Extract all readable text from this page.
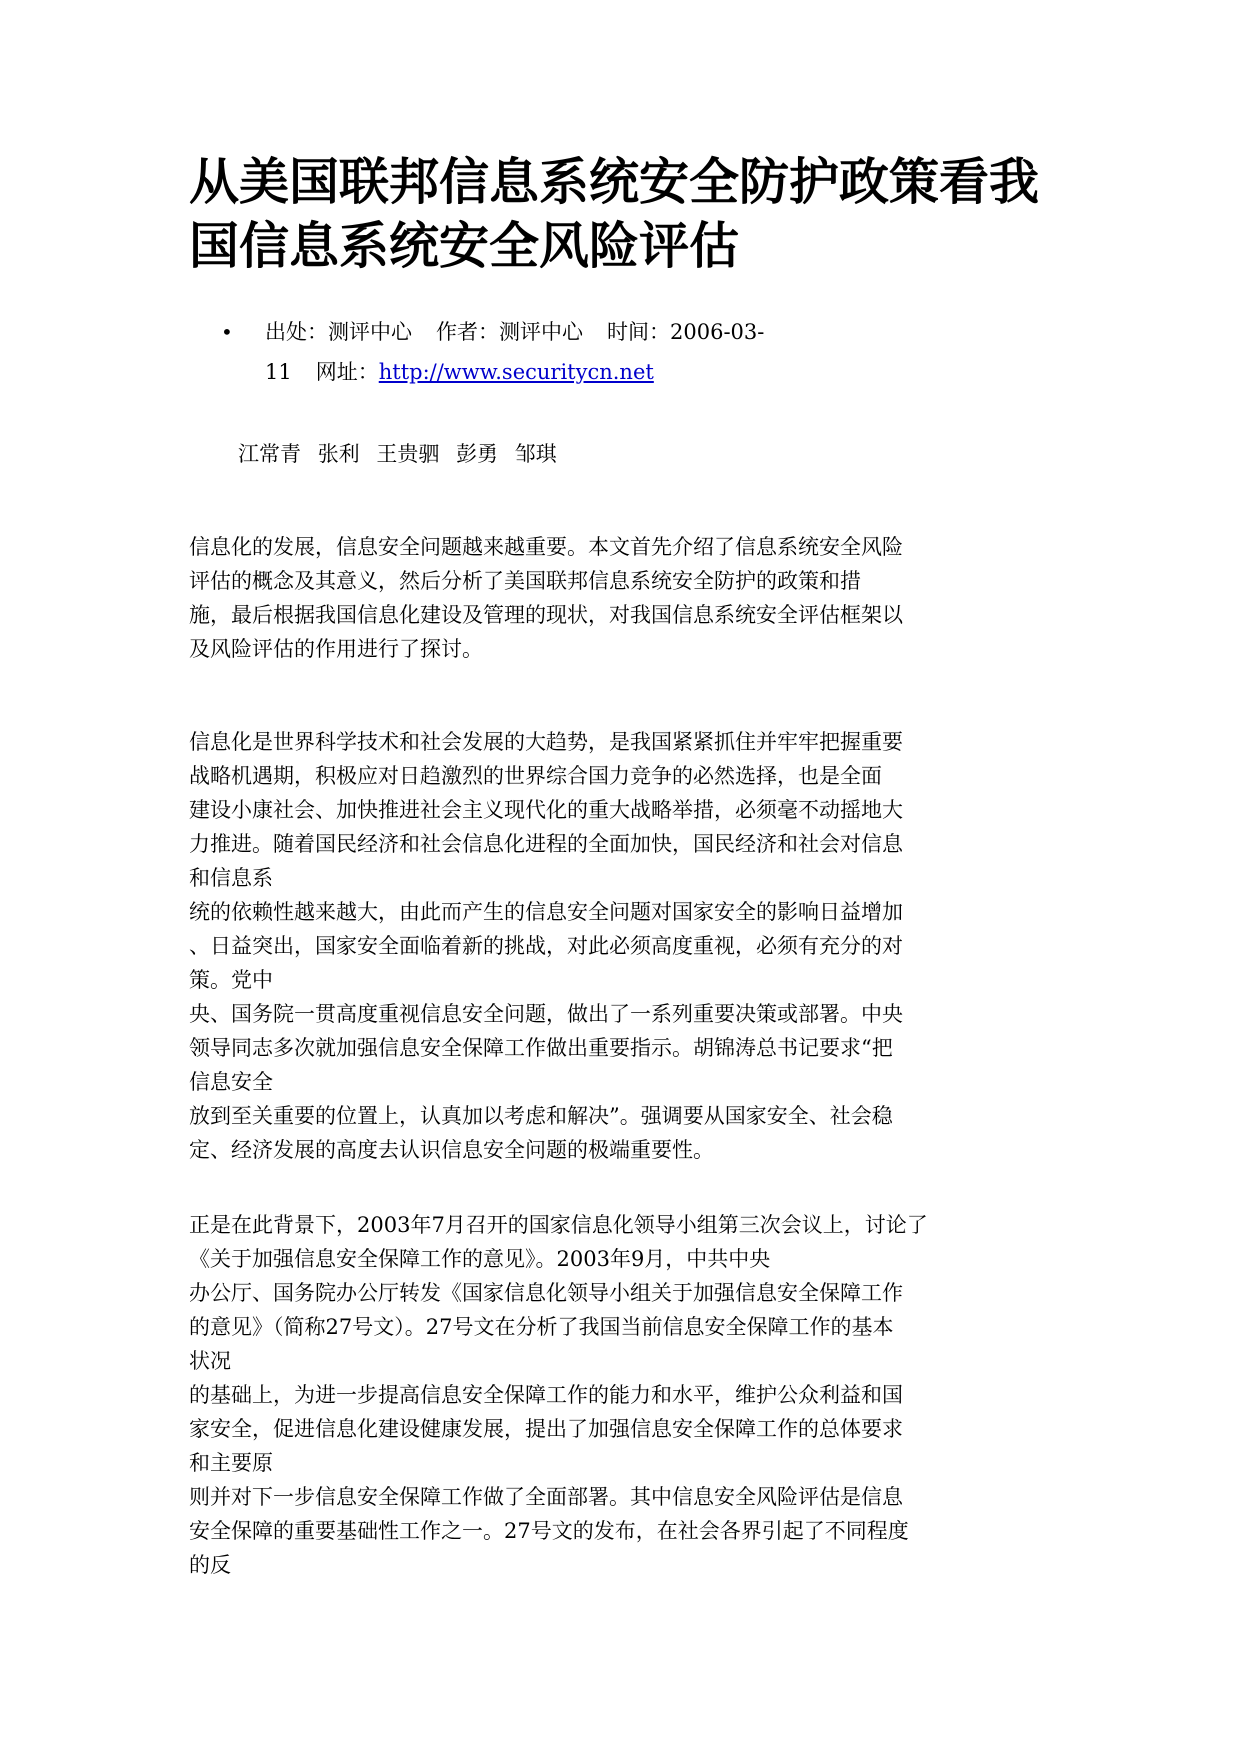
从美国联邦信息系统安全防护政策看我
国信息系统安全风险评估
•	出处：测评中心 作者：测评中心 时间：2006-03-
11 网址：http://www.securitycn.net
江常青 张利 王贵驷 彭勇 邹琪
信息化的发展，信息安全问题越来越重要。本文首先介绍了信息系统安全风险
评估的概念及其意义，然后分析了美国联邦信息系统安全防护的政策和措
施，最后根据我国信息化建设及管理的现状，对我国信息系统安全评估框架以
及风险评估的作用进行了探讨。
信息化是世界科学技术和社会发展的大趋势，是我国紧紧抓住并牢牢把握重要
战略机遇期，积极应对日趋激烈的世界综合国力竞争的必然选择，也是全面
建设小康社会、加快推进社会主义现代化的重大战略举措，必须毫不动摇地大
力推进。随着国民经济和社会信息化进程的全面加快，国民经济和社会对信息
和信息系
统的依赖性越来越大，由此而产生的信息安全问题对国家安全的影响日益增加
、日益突出，国家安全面临着新的挑战，对此必须高度重视，必须有充分的对
策。党中
央、国务院一贯高度重视信息安全问题，做出了一系列重要决策或部署。中央
领导同志多次就加强信息安全保障工作做出重要指示。胡锦涛总书记要求“把
信息安全
放到至关重要的位置上，认真加以考虑和解决”。强调要从国家安全、社会稳
定、经济发展的高度去认识信息安全问题的极端重要性。
正是在此背景下，2003年7月召开的国家信息化领导小组第三次会议上，讨论了
《关于加强信息安全保障工作的意见》。2003年9月，中共中央
办公厅、国务院办公厅转发《国家信息化领导小组关于加强信息安全保障工作
的意见》（简称27号文）。27号文在分析了我国当前信息安全保障工作的基本
状况
的基础上，为进一步提高信息安全保障工作的能力和水平，维护公众利益和国
家安全，促进信息化建设健康发展，提出了加强信息安全保障工作的总体要求
和主要原
则并对下一步信息安全保障工作做了全面部署。其中信息安全风险评估是信息
安全保障的重要基础性工作之一。27号文的发布，在社会各界引起了不同程度
的反
